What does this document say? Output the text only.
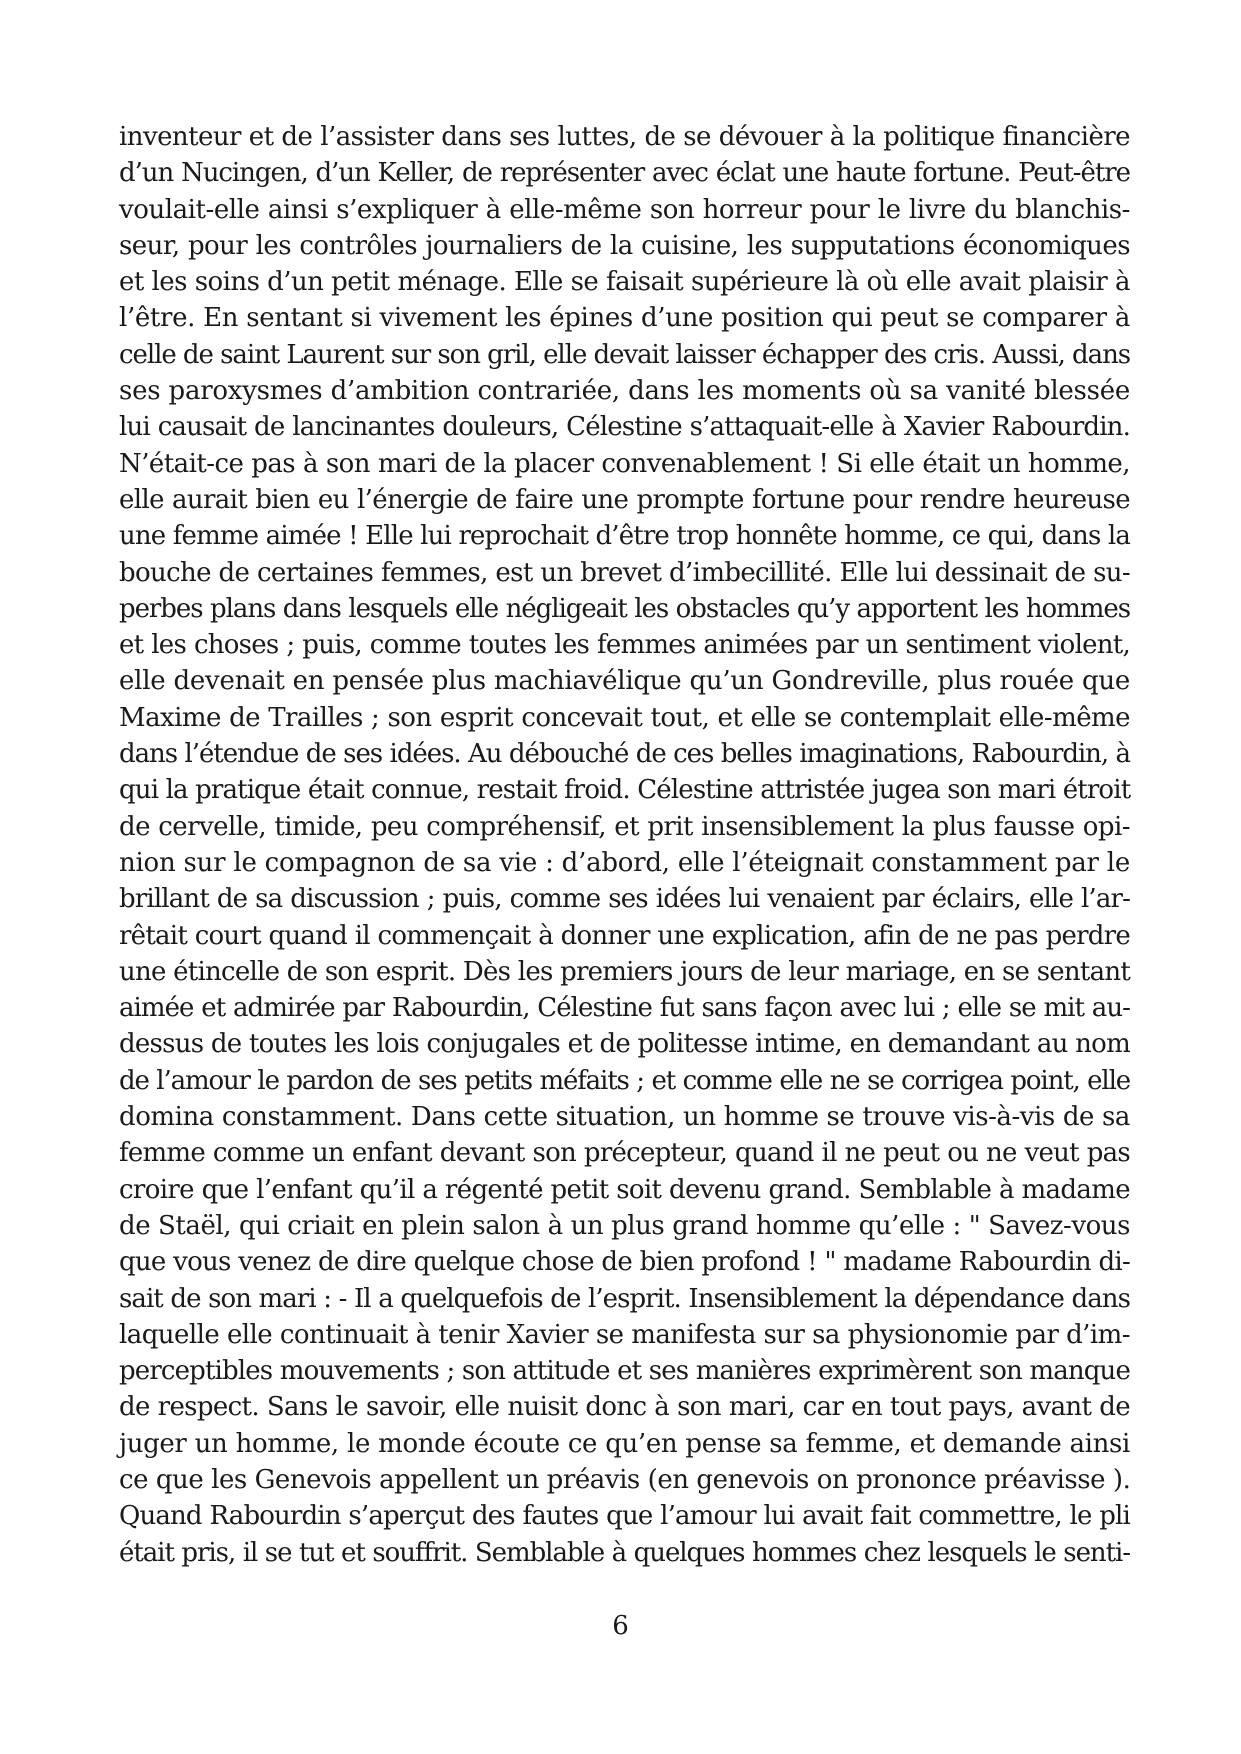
inventeur et de l’assister dans ses luttes, de se dévouer à la politique financière
d’un Nucingen, d’un Keller, de représenter avec éclat une haute fortune. Peut-être
voulait-elle ainsi s’expliquer à elle-même son horreur pour le livre du blanchis-
seur, pour les contrôles journaliers de la cuisine, les supputations économiques
et les soins d’un petit ménage. Elle se faisait supérieure là où elle avait plaisir à
l’être. En sentant si vivement les épines d’une position qui peut se comparer à
celle de saint Laurent sur son gril, elle devait laisser échapper des cris. Aussi, dans
ses paroxysmes d’ambition contrariée, dans les moments où sa vanité blessée
lui causait de lancinantes douleurs, Célestine s’attaquait-elle à Xavier Rabourdin.
N’était-ce pas à son mari de la placer convenablement ! Si elle était un homme,
elle aurait bien eu l’énergie de faire une prompte fortune pour rendre heureuse
une femme aimée ! Elle lui reprochait d’être trop honnête homme, ce qui, dans la
bouche de certaines femmes, est un brevet d’imbecillité. Elle lui dessinait de su-
perbes plans dans lesquels elle négligeait les obstacles qu’y apportent les hommes
et les choses ; puis, comme toutes les femmes animées par un sentiment violent,
elle devenait en pensée plus machiavélique qu’un Gondreville, plus rouée que
Maxime de Trailles ; son esprit concevait tout, et elle se contemplait elle-même
dans l’étendue de ses idées. Au débouché de ces belles imaginations, Rabourdin, à
qui la pratique était connue, restait froid. Célestine attristée jugea son mari étroit
de cervelle, timide, peu compréhensif, et prit insensiblement la plus fausse opi-
nion sur le compagnon de sa vie : d’abord, elle l’éteignait constamment par le
brillant de sa discussion ; puis, comme ses idées lui venaient par éclairs, elle l’ar-
rêtait court quand il commençait à donner une explication, afin de ne pas perdre
une étincelle de son esprit. Dès les premiers jours de leur mariage, en se sentant
aimée et admirée par Rabourdin, Célestine fut sans façon avec lui ; elle se mit au-
dessus de toutes les lois conjugales et de politesse intime, en demandant au nom
de l’amour le pardon de ses petits méfaits ; et comme elle ne se corrigea point, elle
domina constamment. Dans cette situation, un homme se trouve vis-à-vis de sa
femme comme un enfant devant son précepteur, quand il ne peut ou ne veut pas
croire que l’enfant qu’il a régenté petit soit devenu grand. Semblable à madame
de Staël, qui criait en plein salon à un plus grand homme qu’elle : " Savez-vous
que vous venez de dire quelque chose de bien profond ! " madame Rabourdin di-
sait de son mari : - Il a quelquefois de l’esprit. Insensiblement la dépendance dans
laquelle elle continuait à tenir Xavier se manifesta sur sa physionomie par d’im-
perceptibles mouvements ; son attitude et ses manières exprimèrent son manque
de respect. Sans le savoir, elle nuisit donc à son mari, car en tout pays, avant de
juger un homme, le monde écoute ce qu’en pense sa femme, et demande ainsi
ce que les Genevois appellent un préavis (en genevois on prononce préavisse ).
Quand Rabourdin s’aperçut des fautes que l’amour lui avait fait commettre, le pli
était pris, il se tut et souffrit. Semblable à quelques hommes chez lesquels le senti-
6
